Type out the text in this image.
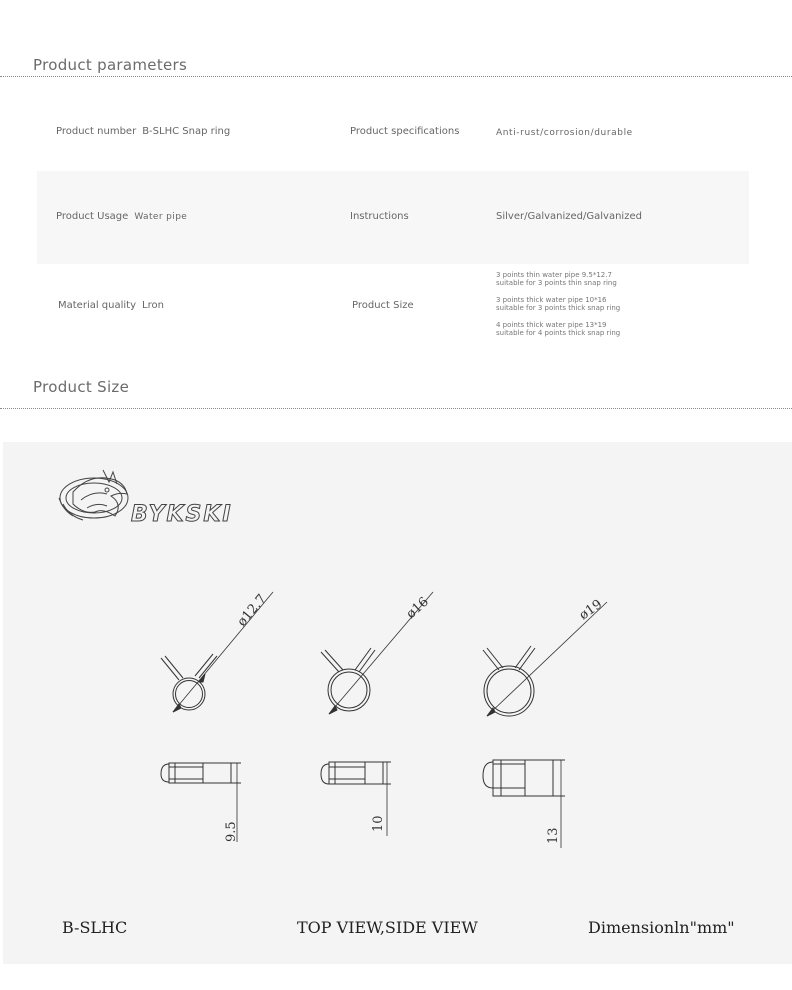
Product parameters
Product number B-SLHC Snap ring	Product specifications	Anti-rust/corrosion/durable
Product Usage Water pipe	Instructions	Silver/Galvanized/Galvanized
Material quality Lron	Product Size
3 points thin water pipe 9.5*12.7
suitable for 3 points thin snap ring
3 points thick water pipe 10*16
suitable for 3 points thick snap ring
4 points thick water pipe 13*19
suitable for 4 points thick snap ring
Product Size
BYKSKI
ø12.7	ø16	ø19
9.5	10
13
B-SLHC	TOP VIEW,SIDE VIEW	Dimensionln"mm"
